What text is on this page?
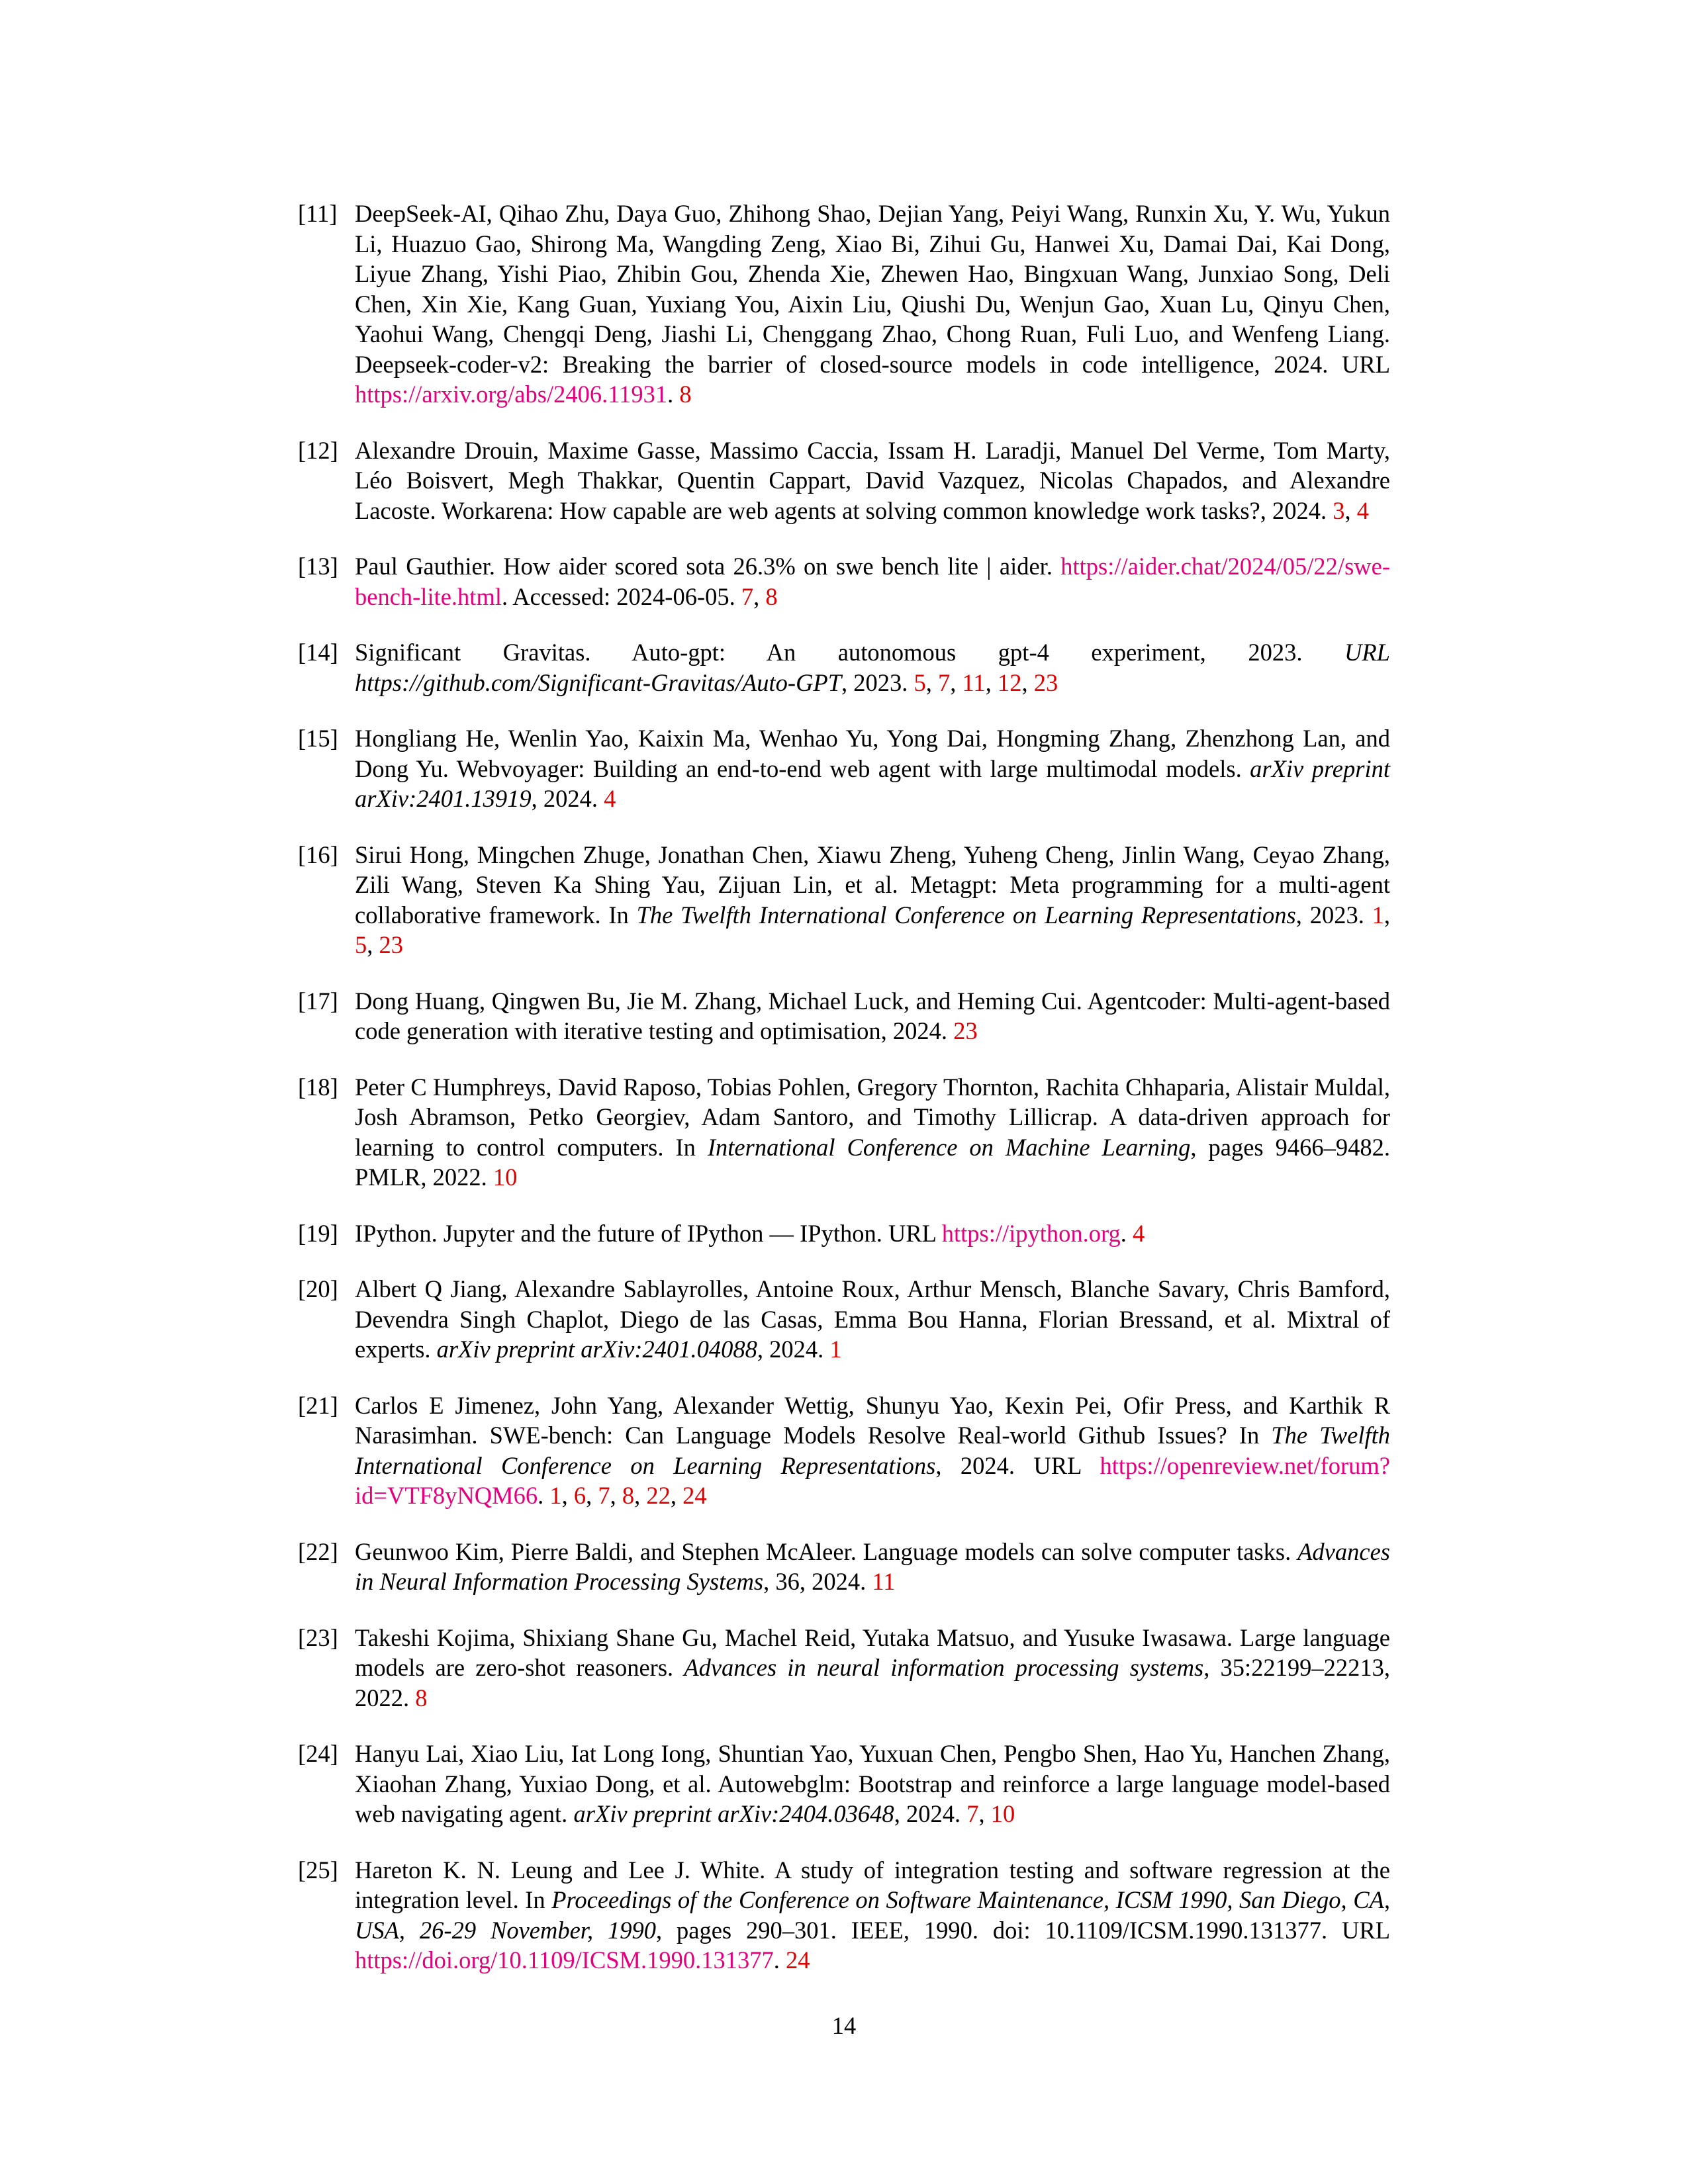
[11] DeepSeek-AI, Qihao Zhu, Daya Guo, Zhihong Shao, Dejian Yang, Peiyi Wang, Runxin Xu, Y. Wu, Yukun Li, Huazuo Gao, Shirong Ma, Wangding Zeng, Xiao Bi, Zihui Gu, Hanwei Xu, Damai Dai, Kai Dong, Liyue Zhang, Yishi Piao, Zhibin Gou, Zhenda Xie, Zhewen Hao, Bingxuan Wang, Junxiao Song, Deli Chen, Xin Xie, Kang Guan, Yuxiang You, Aixin Liu, Qiushi Du, Wenjun Gao, Xuan Lu, Qinyu Chen, Yaohui Wang, Chengqi Deng, Jiashi Li, Chenggang Zhao, Chong Ruan, Fuli Luo, and Wenfeng Liang. Deepseek-coder-v2: Breaking the barrier of closed-source models in code intelligence, 2024. URL https://arxiv.org/abs/2406.11931. 8
[12] Alexandre Drouin, Maxime Gasse, Massimo Caccia, Issam H. Laradji, Manuel Del Verme, Tom Marty, Léo Boisvert, Megh Thakkar, Quentin Cappart, David Vazquez, Nicolas Chapados, and Alexandre Lacoste. Workarena: How capable are web agents at solving common knowledge work tasks?, 2024. 3, 4
[13] Paul Gauthier. How aider scored sota 26.3% on swe bench lite | aider. https://aider.chat/2024/05/22/swe-bench-lite.html. Accessed: 2024-06-05. 7, 8
[14] Significant Gravitas. Auto-gpt: An autonomous gpt-4 experiment, 2023. URL https://github.com/Significant-Gravitas/Auto-GPT, 2023. 5, 7, 11, 12, 23
[15] Hongliang He, Wenlin Yao, Kaixin Ma, Wenhao Yu, Yong Dai, Hongming Zhang, Zhenzhong Lan, and Dong Yu. Webvoyager: Building an end-to-end web agent with large multimodal models. arXiv preprint arXiv:2401.13919, 2024. 4
[16] Sirui Hong, Mingchen Zhuge, Jonathan Chen, Xiawu Zheng, Yuheng Cheng, Jinlin Wang, Ceyao Zhang, Zili Wang, Steven Ka Shing Yau, Zijuan Lin, et al. Metagpt: Meta programming for a multi-agent collaborative framework. In The Twelfth International Conference on Learning Representations, 2023. 1, 5, 23
[17] Dong Huang, Qingwen Bu, Jie M. Zhang, Michael Luck, and Heming Cui. Agentcoder: Multi-agent-based code generation with iterative testing and optimisation, 2024. 23
[18] Peter C Humphreys, David Raposo, Tobias Pohlen, Gregory Thornton, Rachita Chhaparia, Alistair Muldal, Josh Abramson, Petko Georgiev, Adam Santoro, and Timothy Lillicrap. A data-driven approach for learning to control computers. In International Conference on Machine Learning, pages 9466–9482. PMLR, 2022. 10
[19] IPython. Jupyter and the future of IPython — IPython. URL https://ipython.org. 4
[20] Albert Q Jiang, Alexandre Sablayrolles, Antoine Roux, Arthur Mensch, Blanche Savary, Chris Bamford, Devendra Singh Chaplot, Diego de las Casas, Emma Bou Hanna, Florian Bressand, et al. Mixtral of experts. arXiv preprint arXiv:2401.04088, 2024. 1
[21] Carlos E Jimenez, John Yang, Alexander Wettig, Shunyu Yao, Kexin Pei, Ofir Press, and Karthik R Narasimhan. SWE-bench: Can Language Models Resolve Real-world Github Issues? In The Twelfth International Conference on Learning Representations, 2024. URL https://openreview.net/forum?id=VTF8yNQM66. 1, 6, 7, 8, 22, 24
[22] Geunwoo Kim, Pierre Baldi, and Stephen McAleer. Language models can solve computer tasks. Advances in Neural Information Processing Systems, 36, 2024. 11
[23] Takeshi Kojima, Shixiang Shane Gu, Machel Reid, Yutaka Matsuo, and Yusuke Iwasawa. Large language models are zero-shot reasoners. Advances in neural information processing systems, 35:22199–22213, 2022. 8
[24] Hanyu Lai, Xiao Liu, Iat Long Iong, Shuntian Yao, Yuxuan Chen, Pengbo Shen, Hao Yu, Hanchen Zhang, Xiaohan Zhang, Yuxiao Dong, et al. Autowebglm: Bootstrap and reinforce a large language model-based web navigating agent. arXiv preprint arXiv:2404.03648, 2024. 7, 10
[25] Hareton K. N. Leung and Lee J. White. A study of integration testing and software regression at the integration level. In Proceedings of the Conference on Software Maintenance, ICSM 1990, San Diego, CA, USA, 26-29 November, 1990, pages 290–301. IEEE, 1990. doi: 10.1109/ICSM.1990.131377. URL https://doi.org/10.1109/ICSM.1990.131377. 24
14
